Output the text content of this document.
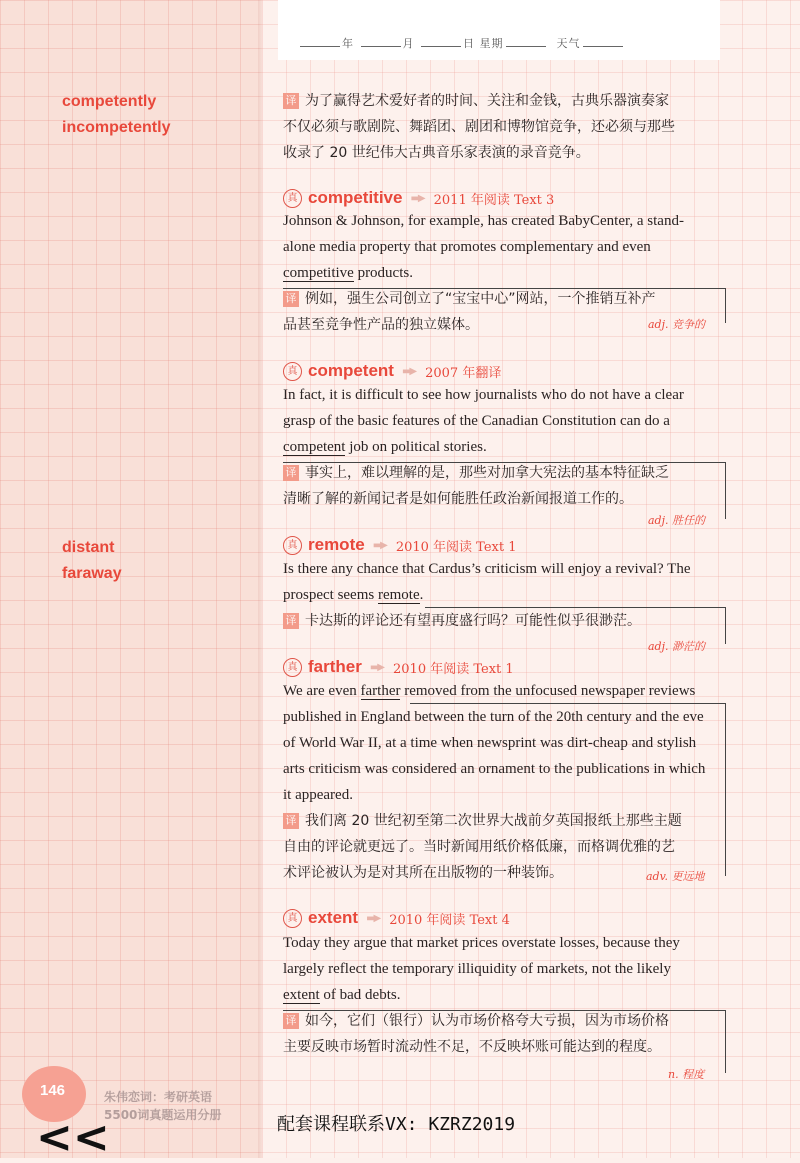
年	月	日 星期	天气
competently
incompetently
distant
faraway
译 为了赢得艺术爱好者的时间、关注和金钱，古典乐器演奏家
不仅必须与歌剧院、舞蹈团、剧团和博物馆竞争，还必须与那些
收录了 20 世纪伟大古典音乐家表演的录音竞争。
真 competitive ▬▶ 2011 年阅读 Text 3
Johnson & Johnson, for example, has created BabyCenter, a stand-
alone media property that promotes complementary and even
competitive products.
译 例如，强生公司创立了“宝宝中心”网站，一个推销互补产
品甚至竞争性产品的独立媒体。	adj. 竞争的
真 competent ▬▶ 2007 年翻译
In fact, it is difficult to see how journalists who do not have a clear
grasp of the basic features of the Canadian Constitution can do a
competent job on political stories.
译 事实上，难以理解的是，那些对加拿大宪法的基本特征缺乏
清晰了解的新闻记者是如何能胜任政治新闻报道工作的。
adj. 胜任的
真 remote ▬▶ 2010 年阅读 Text 1
Is there any chance that Cardus’s criticism will enjoy a revival? The
prospect seems remote.
译 卡达斯的评论还有望再度盛行吗？可能性似乎很渺茫。
adj. 渺茫的
真 farther ▬▶ 2010 年阅读 Text 1
We are even farther removed from the unfocused newspaper reviews
published in England between the turn of the 20th century and the eve
of World War II, at a time when newsprint was dirt-cheap and stylish
arts criticism was considered an ornament to the publications in which
it appeared.
译 我们离 20 世纪初至第二次世界大战前夕英国报纸上那些主题
自由的评论就更远了。当时新闻用纸价格低廉，而格调优雅的艺
术评论被认为是对其所在出版物的一种装饰。	adv. 更远地
真 extent ▬▶ 2010 年阅读 Text 4
Today they argue that market prices overstate losses, because they
largely reflect the temporary illiquidity of markets, not the likely
extent of bad debts.
译 如今，它们（银行）认为市场价格夸大亏损，因为市场价格
主要反映市场暂时流动性不足，不反映坏账可能达到的程度。
n. 程度
146	朱伟恋词：考研英语
5500词真题运用分册	配套课程联系VX: KZRZ2019
<<
